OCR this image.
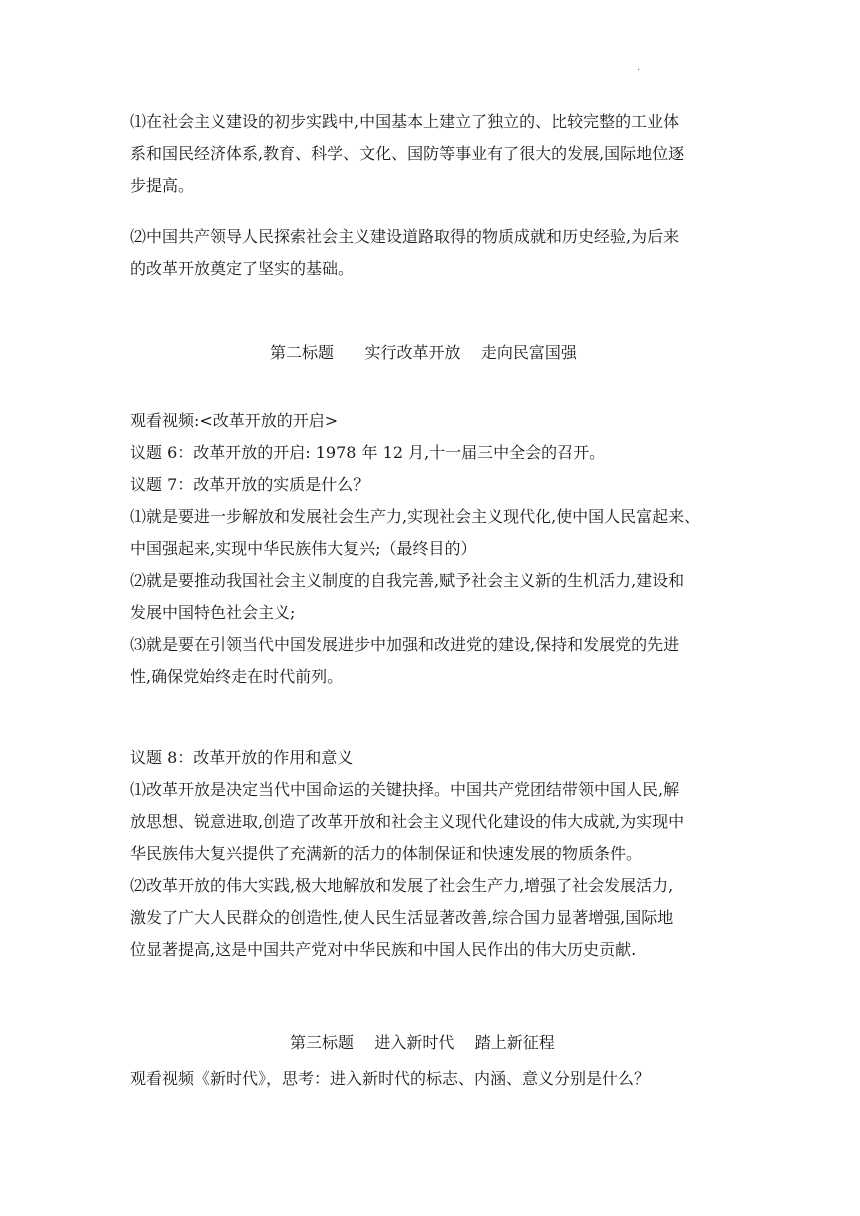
·

⑴在社会主义建设的初步实践中,中国基本上建立了独立的、比较完整的工业体
系和国民经济体系,教育、科学、文化、国防等事业有了很大的发展,国际地位逐
步提高。

⑵中国共产领导人民探索社会主义建设道路取得的物质成就和历史经验,为后来
的改革开放奠定了坚实的基础。

第二标题      实行改革开放    走向民富国强

观看视频:<改革开放的开启>
议题 6：改革开放的开启: 1978 年 12 月,十一届三中全会的召开。
议题 7：改革开放的实质是什么？
⑴就是要进一步解放和发展社会生产力,实现社会主义现代化,使中国人民富起来、
中国强起来,实现中华民族伟大复兴;（最终目的）
⑵就是要推动我国社会主义制度的自我完善,赋予社会主义新的生机活力,建设和
发展中国特色社会主义;
⑶就是要在引领当代中国发展进步中加强和改进党的建设,保持和发展党的先进
性,确保党始终走在时代前列。

议题 8：改革开放的作用和意义
⑴改革开放是决定当代中国命运的关键抉择。中国共产党团结带领中国人民,解
放思想、锐意进取,创造了改革开放和社会主义现代化建设的伟大成就,为实现中
华民族伟大复兴提供了充满新的活力的体制保证和快速发展的物质条件。
⑵改革开放的伟大实践,极大地解放和发展了社会生产力,增强了社会发展活力,
激发了广大人民群众的创造性,使人民生活显著改善,综合国力显著增强,国际地
位显著提高,这是中国共产党对中华民族和中国人民作出的伟大历史贡献.

第三标题    进入新时代    踏上新征程

观看视频《新时代》，思考：进入新时代的标志、内涵、意义分别是什么？
